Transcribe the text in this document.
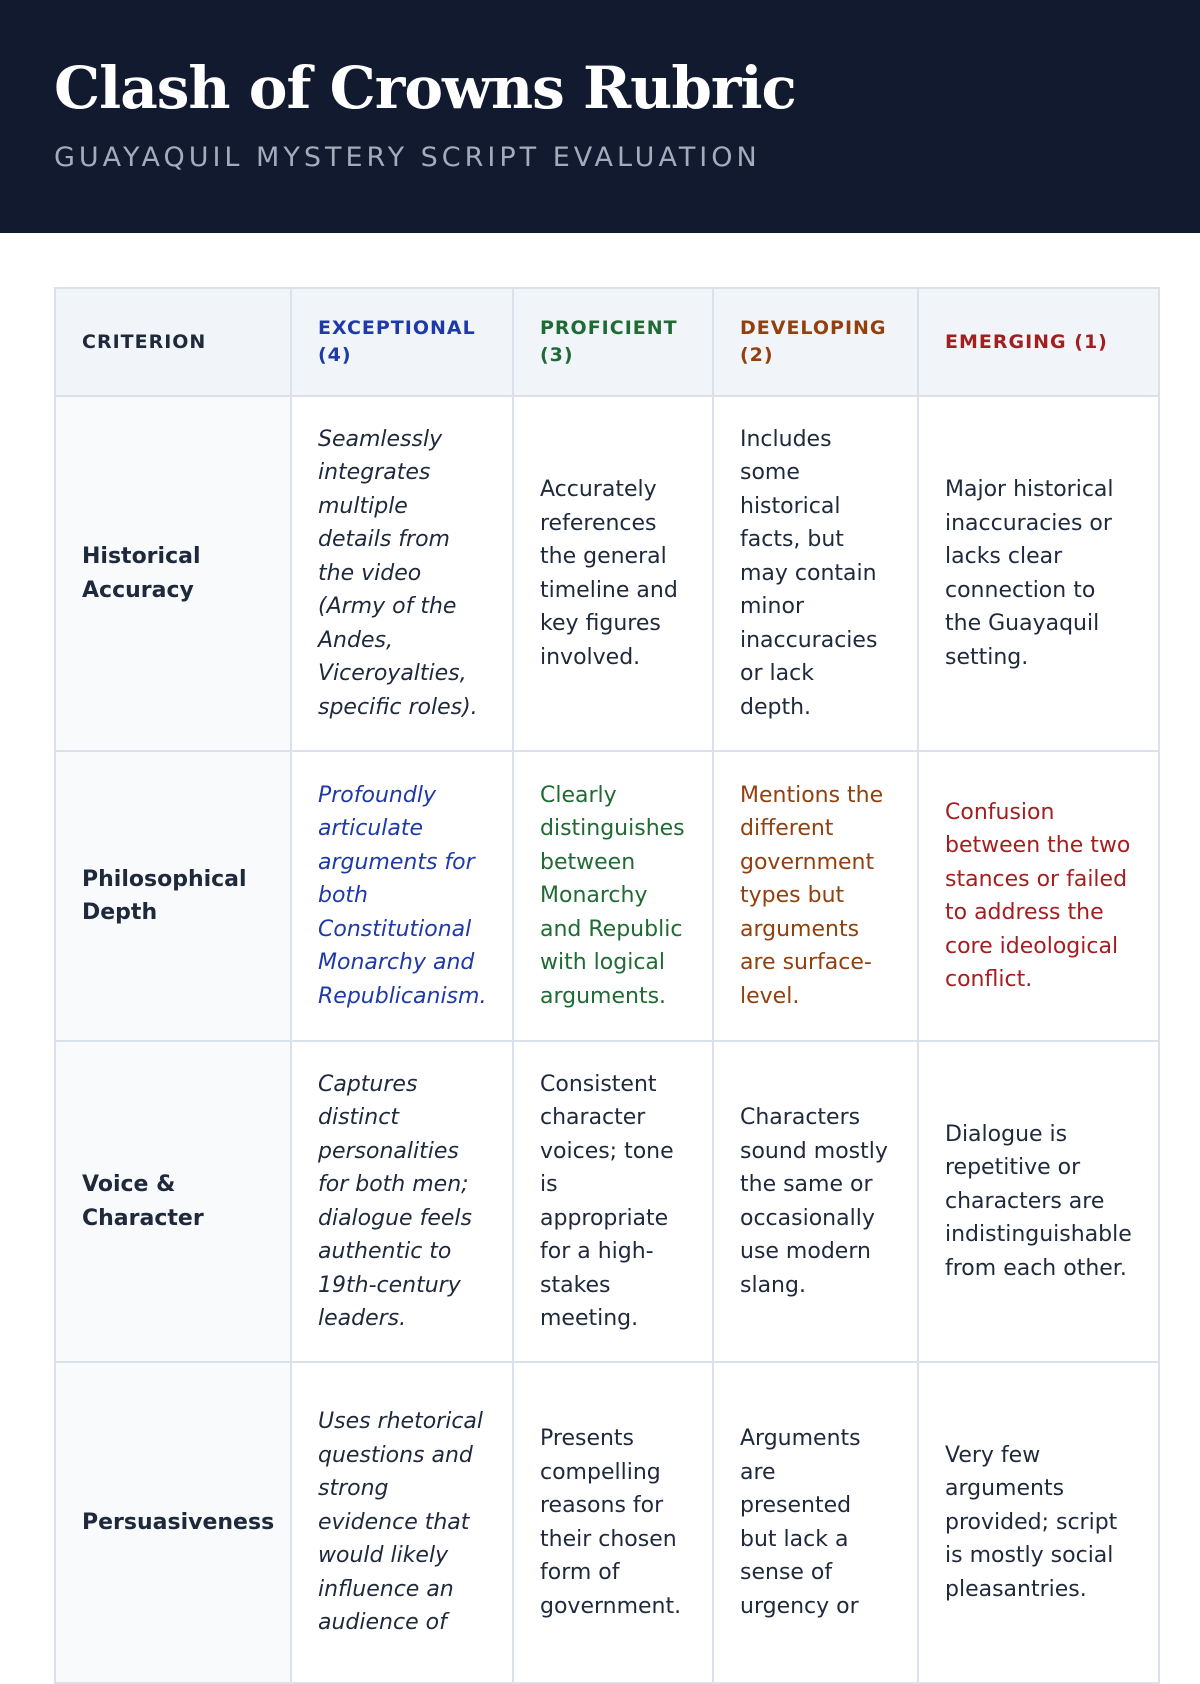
Clash of Crowns Rubric
GUAYAQUIL MYSTERY SCRIPT EVALUATION
CRITERION	EXCEPTIONAL (4)	PROFICIENT (3)	DEVELOPING (2)	EMERGING (1)
Historical Accuracy	Seamlessly integrates multiple details from the video (Army of the Andes, Viceroyalties, specific roles).	Accurately references the general timeline and key figures involved.	Includes some historical facts, but may contain minor inaccuracies or lack depth.	Major historical inaccuracies or lacks clear connection to the Guayaquil setting.
Philosophical Depth	Profoundly articulate arguments for both Constitutional Monarchy and Republicanism.	Clearly distinguishes between Monarchy and Republic with logical arguments.	Mentions the different government types but arguments are surface-level.	Confusion between the two stances or failed to address the core ideological conflict.
Voice & Character	Captures distinct personalities for both men; dialogue feels authentic to 19th-century leaders.	Consistent character voices; tone is appropriate for a high-stakes meeting.	Characters sound mostly the same or occasionally use modern slang.	Dialogue is repetitive or characters are indistinguishable from each other.
Persuasiveness	Uses rhetorical questions and strong evidence that would likely influence an audience of	Presents compelling reasons for their chosen form of government.	Arguments are presented but lack a sense of urgency or	Very few arguments provided; script is mostly social pleasantries.
